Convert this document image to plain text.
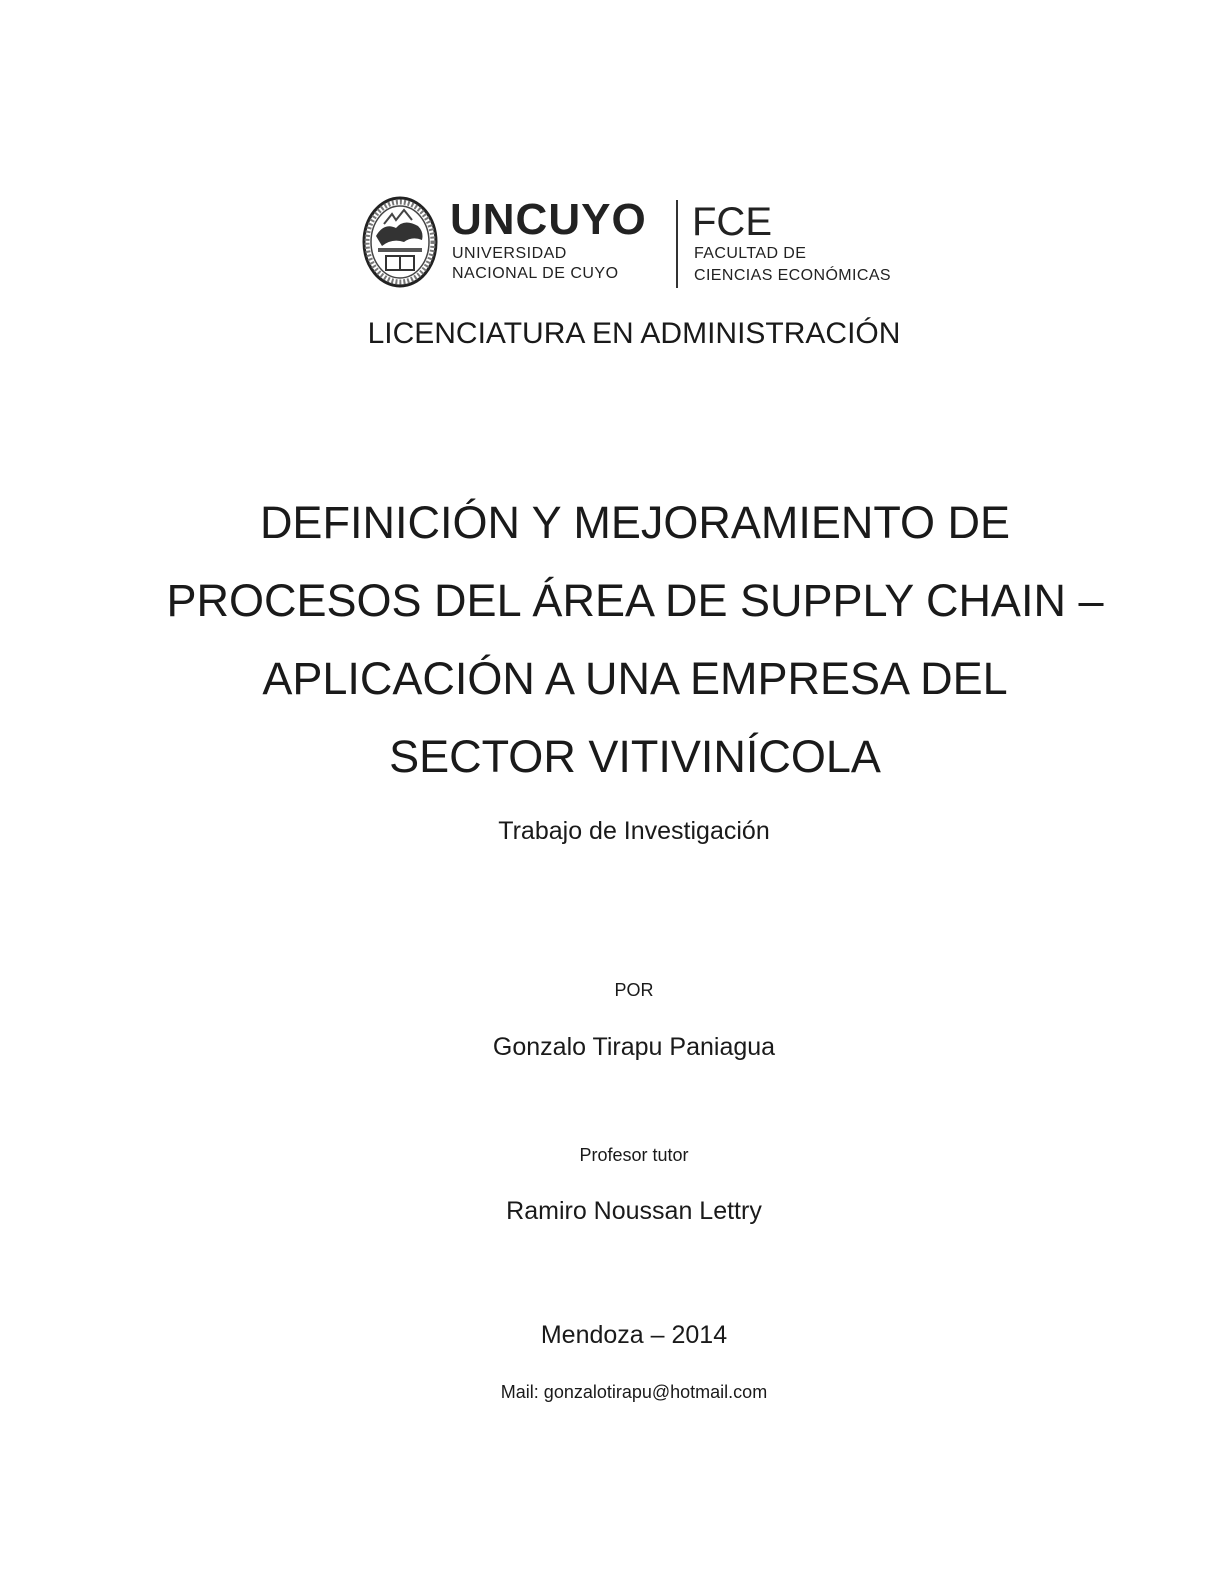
UNCUYO
UNIVERSIDAD
NACIONAL DE CUYO
FCE
FACULTAD DE
CIENCIAS ECONÓMICAS
LICENCIATURA EN ADMINISTRACIÓN
DEFINICIÓN Y MEJORAMIENTO DE
PROCESOS DEL ÁREA DE SUPPLY CHAIN –
APLICACIÓN A UNA EMPRESA DEL
SECTOR VITIVINÍCOLA
Trabajo de Investigación
POR
Gonzalo Tirapu Paniagua
Profesor tutor
Ramiro Noussan Lettry
Mendoza – 2014
Mail: gonzalotirapu@hotmail.com
